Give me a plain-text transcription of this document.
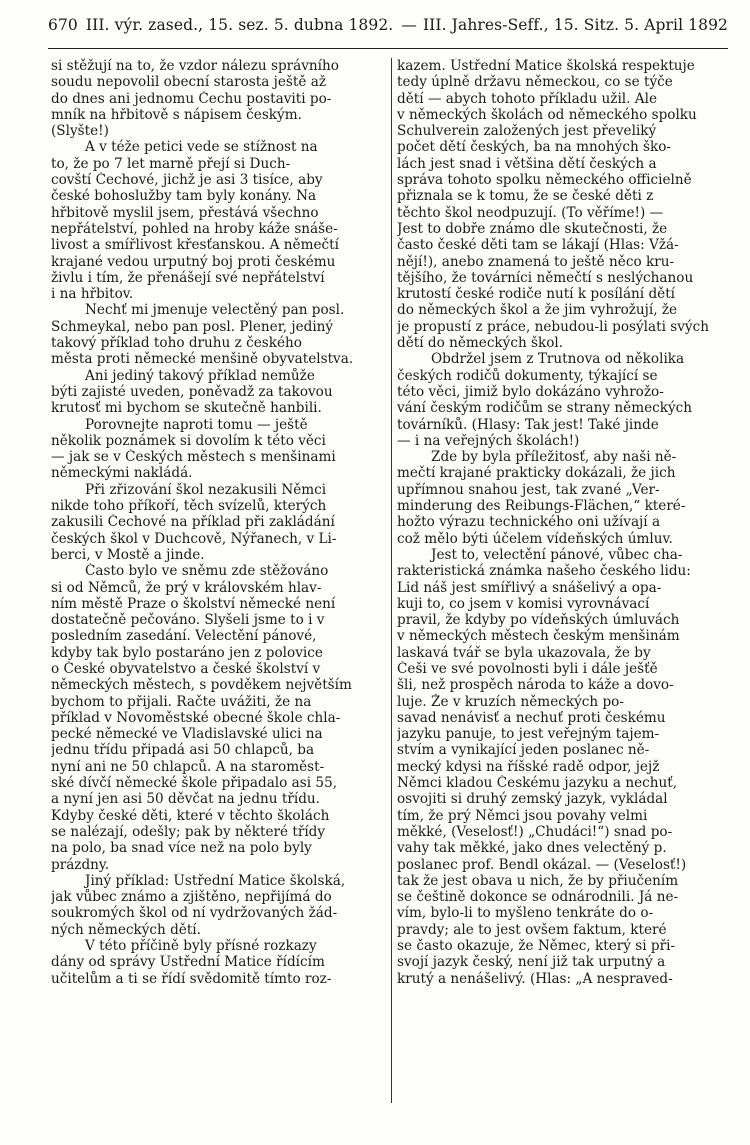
670 III. výr. zased., 15. sez. 5. dubna 1892. — III. Jahres-Seff., 15. Sitz. 5. April 1892
si stěžují na to, že vzdor nálezu správního
soudu nepovolil obecní starosta ještě až
do dnes ani jednomu Čechu postaviti po-
mník na hřbitově s nápisem českým.
(Slyšte!)
A v téže petici vede se stížnost na
to, že po 7 let marně přejí si Duch-
covští Čechové, jichž je asi 3 tisíce, aby
české bohoslužby tam byly konány. Na
hřbitově myslil jsem, přestává všechno
nepřátelství, pohled na hroby káže snáše-
livost a smířlivost křesťanskou. A němečtí
krajané vedou urputný boj proti českému
živlu i tím, že přenášejí své nepřátelství
i na hřbitov.
Nechť mi jmenuje velectěný pan posl.
Schmeykal, nebo pan posl. Plener, jediný
takový příklad toho druhu z českého
města proti německé menšině obyvatelstva.
Ani jediný takový příklad nemůže
býti zajisté uveden, poněvadž za takovou
krutosť mi bychom se skutečně hanbili.
Porovnejte naproti tomu — ještě
několik poznámek si dovolím k této věci
— jak se v Českých městech s menšinami
německými nakládá.
Při zřizování škol nezakusili Němci
nikde toho příkoří, těch svízelů, kterých
zakusili Čechové na příklad při zakládání
českých škol v Duchcově, Nýřanech, v Li-
berci, v Mostě a jinde.
Často bylo ve sněmu zde stěžováno
si od Němců, že prý v královském hlav-
ním městě Praze o školství německé není
dostatečně pečováno. Slyšeli jsme to i v
posledním zasedání. Velectění pánové,
kdyby tak bylo postaráno jen z polovice
o České obyvatelstvo a české školství v
německých městech, s povděkem největším
bychom to přijali. Račte uvážiti, že na
příklad v Novoměstské obecné škole chla-
pecké německé ve Vladislavské ulici na
jednu třídu připadá asi 50 chlapců, ba
nyní ani ne 50 chlapců. A na staroměst-
ské dívčí německé škole připadalo asi 55,
a nyní jen asi 50 děvčat na jednu třídu.
Kdyby české děti, které v těchto školách
se nalézají, odešly; pak by některé třídy
na polo, ba snad více než na polo byly
prázdny.
Jiný příklad: Ústřední Matice školská,
jak vůbec známo a zjištěno, nepřijímá do
soukromých škol od ní vydržovaných žád-
ných německých dětí.
V této příčině byly přísné rozkazy
dány od správy Ústřední Matice řídícím
učitelům a ti se řídí svědomitě tímto roz-
kazem. Ústřední Matice školská respektuje
tedy úplně državu německou, co se týče
dětí — abych tohoto příkladu užil. Ale
v německých školách od německého spolku
Schulverein založených jest převeliký
počet dětí českých, ba na mnohých ško-
lách jest snad i většina dětí českých a
správa tohoto spolku německého officielně
přiznala se k tomu, že se české děti z
těchto škol neodpuzují. (To věříme!) —
Jest to dobře známo dle skutečnosti, že
často české děti tam se lákají (Hlas: Vžá-
nějí!), anebo znamená to ještě něco kru-
tějšího, že továrníci němečtí s neslýchanou
krutostí české rodiče nutí k posílání dětí
do německých škol a že jim vyhrožují, že
je propustí z práce, nebudou-li posýlati svých
dětí do německých škol.
Obdržel jsem z Trutnova od několika
českých rodičů dokumenty, týkající se
této věci, jimiž bylo dokázáno vyhrožo-
vání českým rodičům se strany německých
továrníků. (Hlasy: Tak jest! Také jinde
— i na veřejných školách!)
Zde by byla příležitosť, aby naši ně-
mečtí krajané prakticky dokázali, že jich
upřímnou snahou jest, tak zvané „Ver-
minderung des Reibungs-Flächen,“ které-
hožto výrazu technického oni užívají a
což mělo býti účelem vídeňských úmluv.
Jest to, velectění pánové, vůbec cha-
rakteristická známka našeho českého lidu:
Lid náš jest smířlivý a snášelivý a opa-
kuji to, co jsem v komisi vyrovnávací
pravil, že kdyby po vídeňských úmluvách
v německých městech českým menšinám
laskavá tvář se byla ukazovala, že by
Češi ve své povolnosti byli i dále ješťě
šli, než prospěch národa to káže a dovo-
luje. Že v kruzích německých po-
savad nenávisť a nechuť proti českému
jazyku panuje, to jest veřejným tajem-
stvím a vynikající jeden poslanec ně-
mecký kdysi na říšské radě odpor, jejž
Němci kladou Českému jazyku a nechuť,
osvojiti si druhý zemský jazyk, vykládal
tím, že prý Němci jsou povahy velmi
měkké, (Veselosť!) „Chudáci!“) snad po-
vahy tak měkké, jako dnes velectěný p.
poslanec prof. Bendl okázal. — (Veselosť!)
tak že jest obava u nich, že by přiučením
se češtině dokonce se odnárodnili. Já ne-
vím, bylo-li to myšleno tenkráte do o-
pravdy; ale to jest ovšem faktum, které
se často okazuje, že Němec, který si při-
svojí jazyk český, není již tak urputný a
krutý a nenášelivý. (Hlas: „A nespraved-
